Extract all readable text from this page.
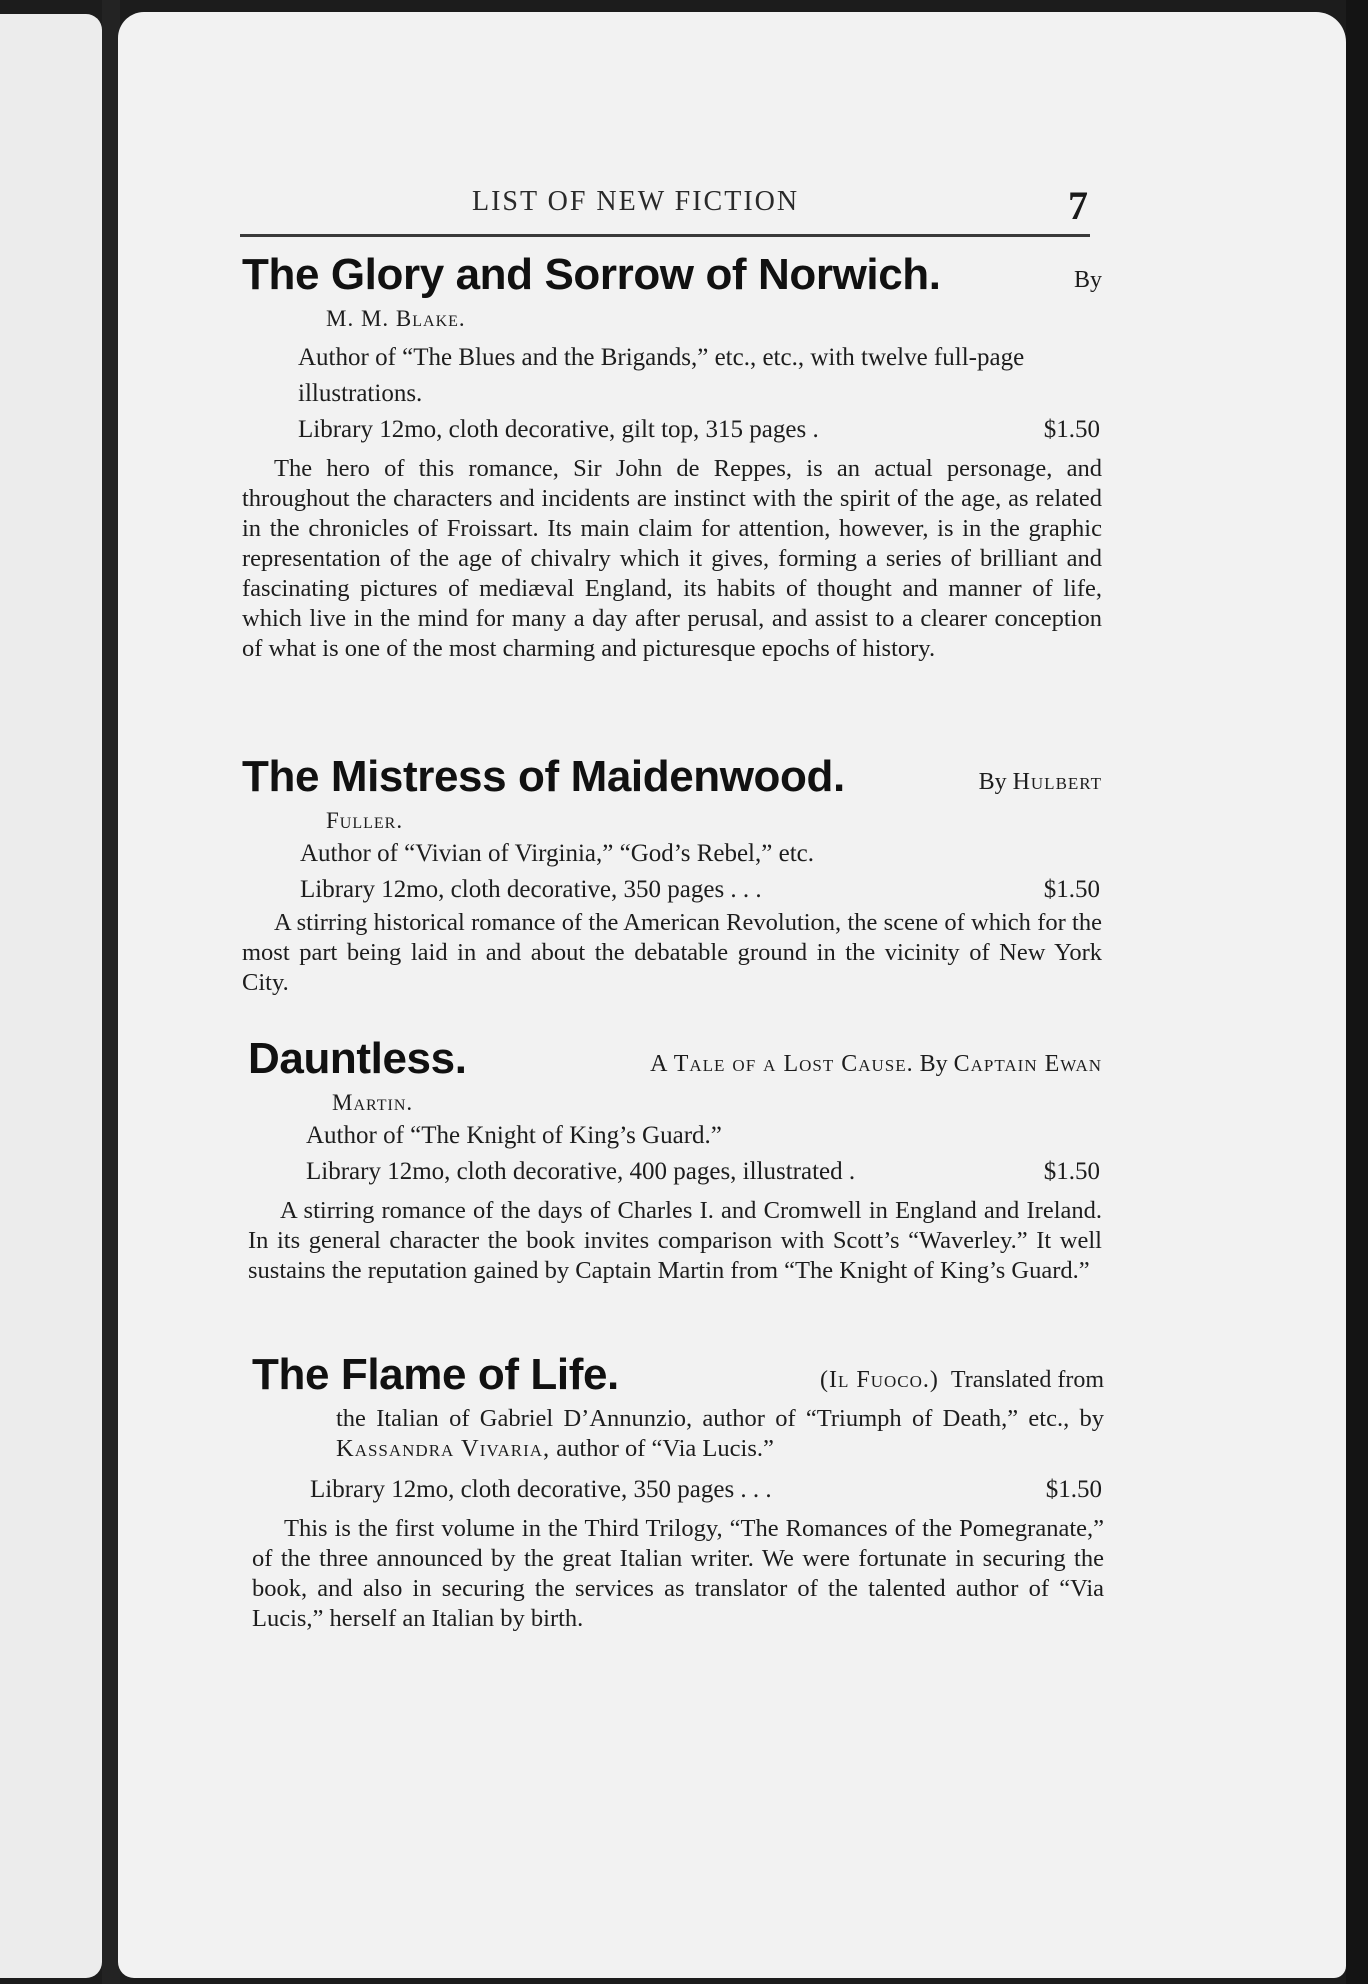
LIST OF NEW FICTION	7
The Glory and Sorrow of Norwich.	By
M. M. Blake.
Author of “The Blues and the Brigands,” etc., etc., with twelve full-page illustrations.
Library 12mo, cloth decorative, gilt top, 315 pages .	$1.50
The hero of this romance, Sir John de Reppes, is an actual personage, and throughout the characters and incidents are instinct with the spirit of the age, as related in the chronicles of Froissart. Its main claim for attention, however, is in the graphic representation of the age of chivalry which it gives, forming a series of brilliant and fascinating pictures of mediæval England, its habits of thought and manner of life, which live in the mind for many a day after perusal, and assist to a clearer conception of what is one of the most charming and picturesque epochs of history.
The Mistress of Maidenwood.	By Hulbert
Fuller.
Author of “Vivian of Virginia,” “God’s Rebel,” etc.
Library 12mo, cloth decorative, 350 pages . . .	$1.50
A stirring historical romance of the American Revolution, the scene of which for the most part being laid in and about the debatable ground in the vicinity of New York City.
Dauntless.	A Tale of a Lost Cause. By Captain Ewan
Martin.
Author of “The Knight of King’s Guard.”
Library 12mo, cloth decorative, 400 pages, illustrated .	$1.50
A stirring romance of the days of Charles I. and Cromwell in England and Ireland. In its general character the book invites comparison with Scott’s “Waverley.” It well sustains the reputation gained by Captain Martin from “The Knight of King’s Guard.”
The Flame of Life.	(Il Fuoco.) Translated from
the Italian of Gabriel D’Annunzio, author of “Triumph of Death,” etc., by Kassandra Vivaria, author of “Via Lucis.”
Library 12mo, cloth decorative, 350 pages . . .	$1.50
This is the first volume in the Third Trilogy, “The Romances of the Pomegranate,” of the three announced by the great Italian writer. We were fortunate in securing the book, and also in securing the services as translator of the talented author of “Via Lucis,” herself an Italian by birth.
